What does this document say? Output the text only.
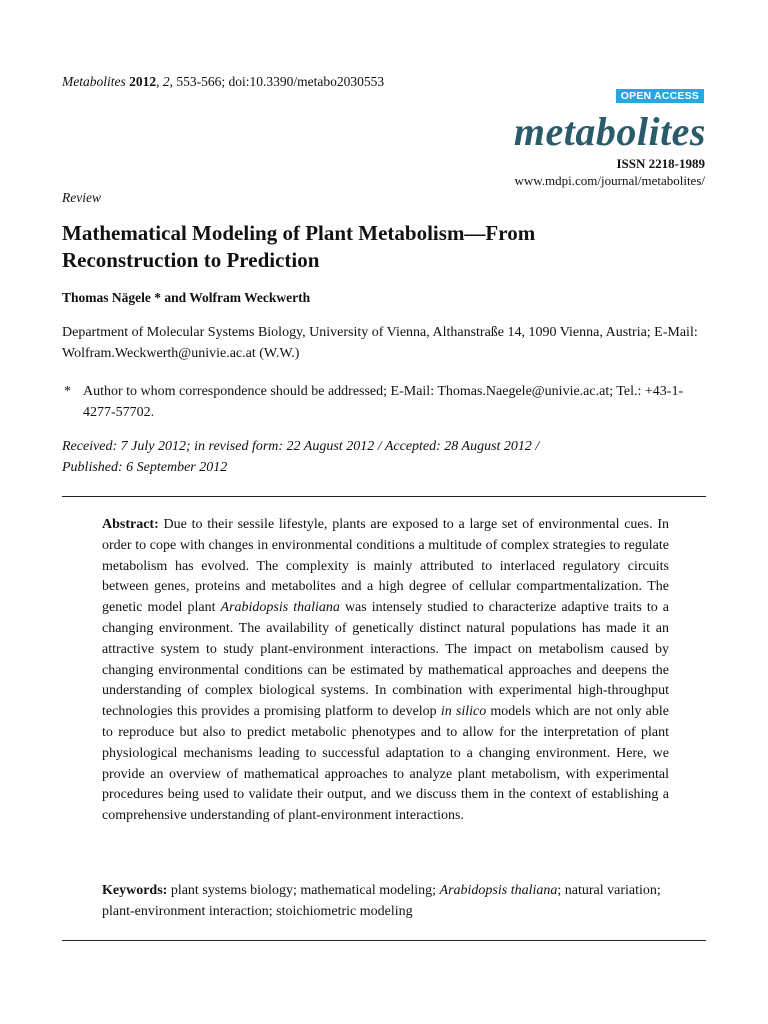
Metabolites 2012, 2, 553-566; doi:10.3390/metabo2030553
OPEN ACCESS
metabolites
ISSN 2218-1989
www.mdpi.com/journal/metabolites/
Review
Mathematical Modeling of Plant Metabolism—From
Reconstruction to Prediction
Thomas Nägele * and Wolfram Weckwerth
Department of Molecular Systems Biology, University of Vienna, Althanstraße 14, 1090 Vienna, Austria; E-Mail: Wolfram.Weckwerth@univie.ac.at (W.W.)
* Author to whom correspondence should be addressed; E-Mail: Thomas.Naegele@univie.ac.at; Tel.: +43-1-4277-57702.
Received: 7 July 2012; in revised form: 22 August 2012 / Accepted: 28 August 2012 /
Published: 6 September 2012
Abstract: Due to their sessile lifestyle, plants are exposed to a large set of environmental cues. In order to cope with changes in environmental conditions a multitude of complex strategies to regulate metabolism has evolved. The complexity is mainly attributed to interlaced regulatory circuits between genes, proteins and metabolites and a high degree of cellular compartmentalization. The genetic model plant Arabidopsis thaliana was intensely studied to characterize adaptive traits to a changing environment. The availability of genetically distinct natural populations has made it an attractive system to study plant-environment interactions. The impact on metabolism caused by changing environmental conditions can be estimated by mathematical approaches and deepens the understanding of complex biological systems. In combination with experimental high-throughput technologies this provides a promising platform to develop in silico models which are not only able to reproduce but also to predict metabolic phenotypes and to allow for the interpretation of plant physiological mechanisms leading to successful adaptation to a changing environment. Here, we provide an overview of mathematical approaches to analyze plant metabolism, with experimental procedures being used to validate their output, and we discuss them in the context of establishing a comprehensive understanding of plant-environment interactions.
Keywords: plant systems biology; mathematical modeling; Arabidopsis thaliana; natural variation; plant-environment interaction; stoichiometric modeling
